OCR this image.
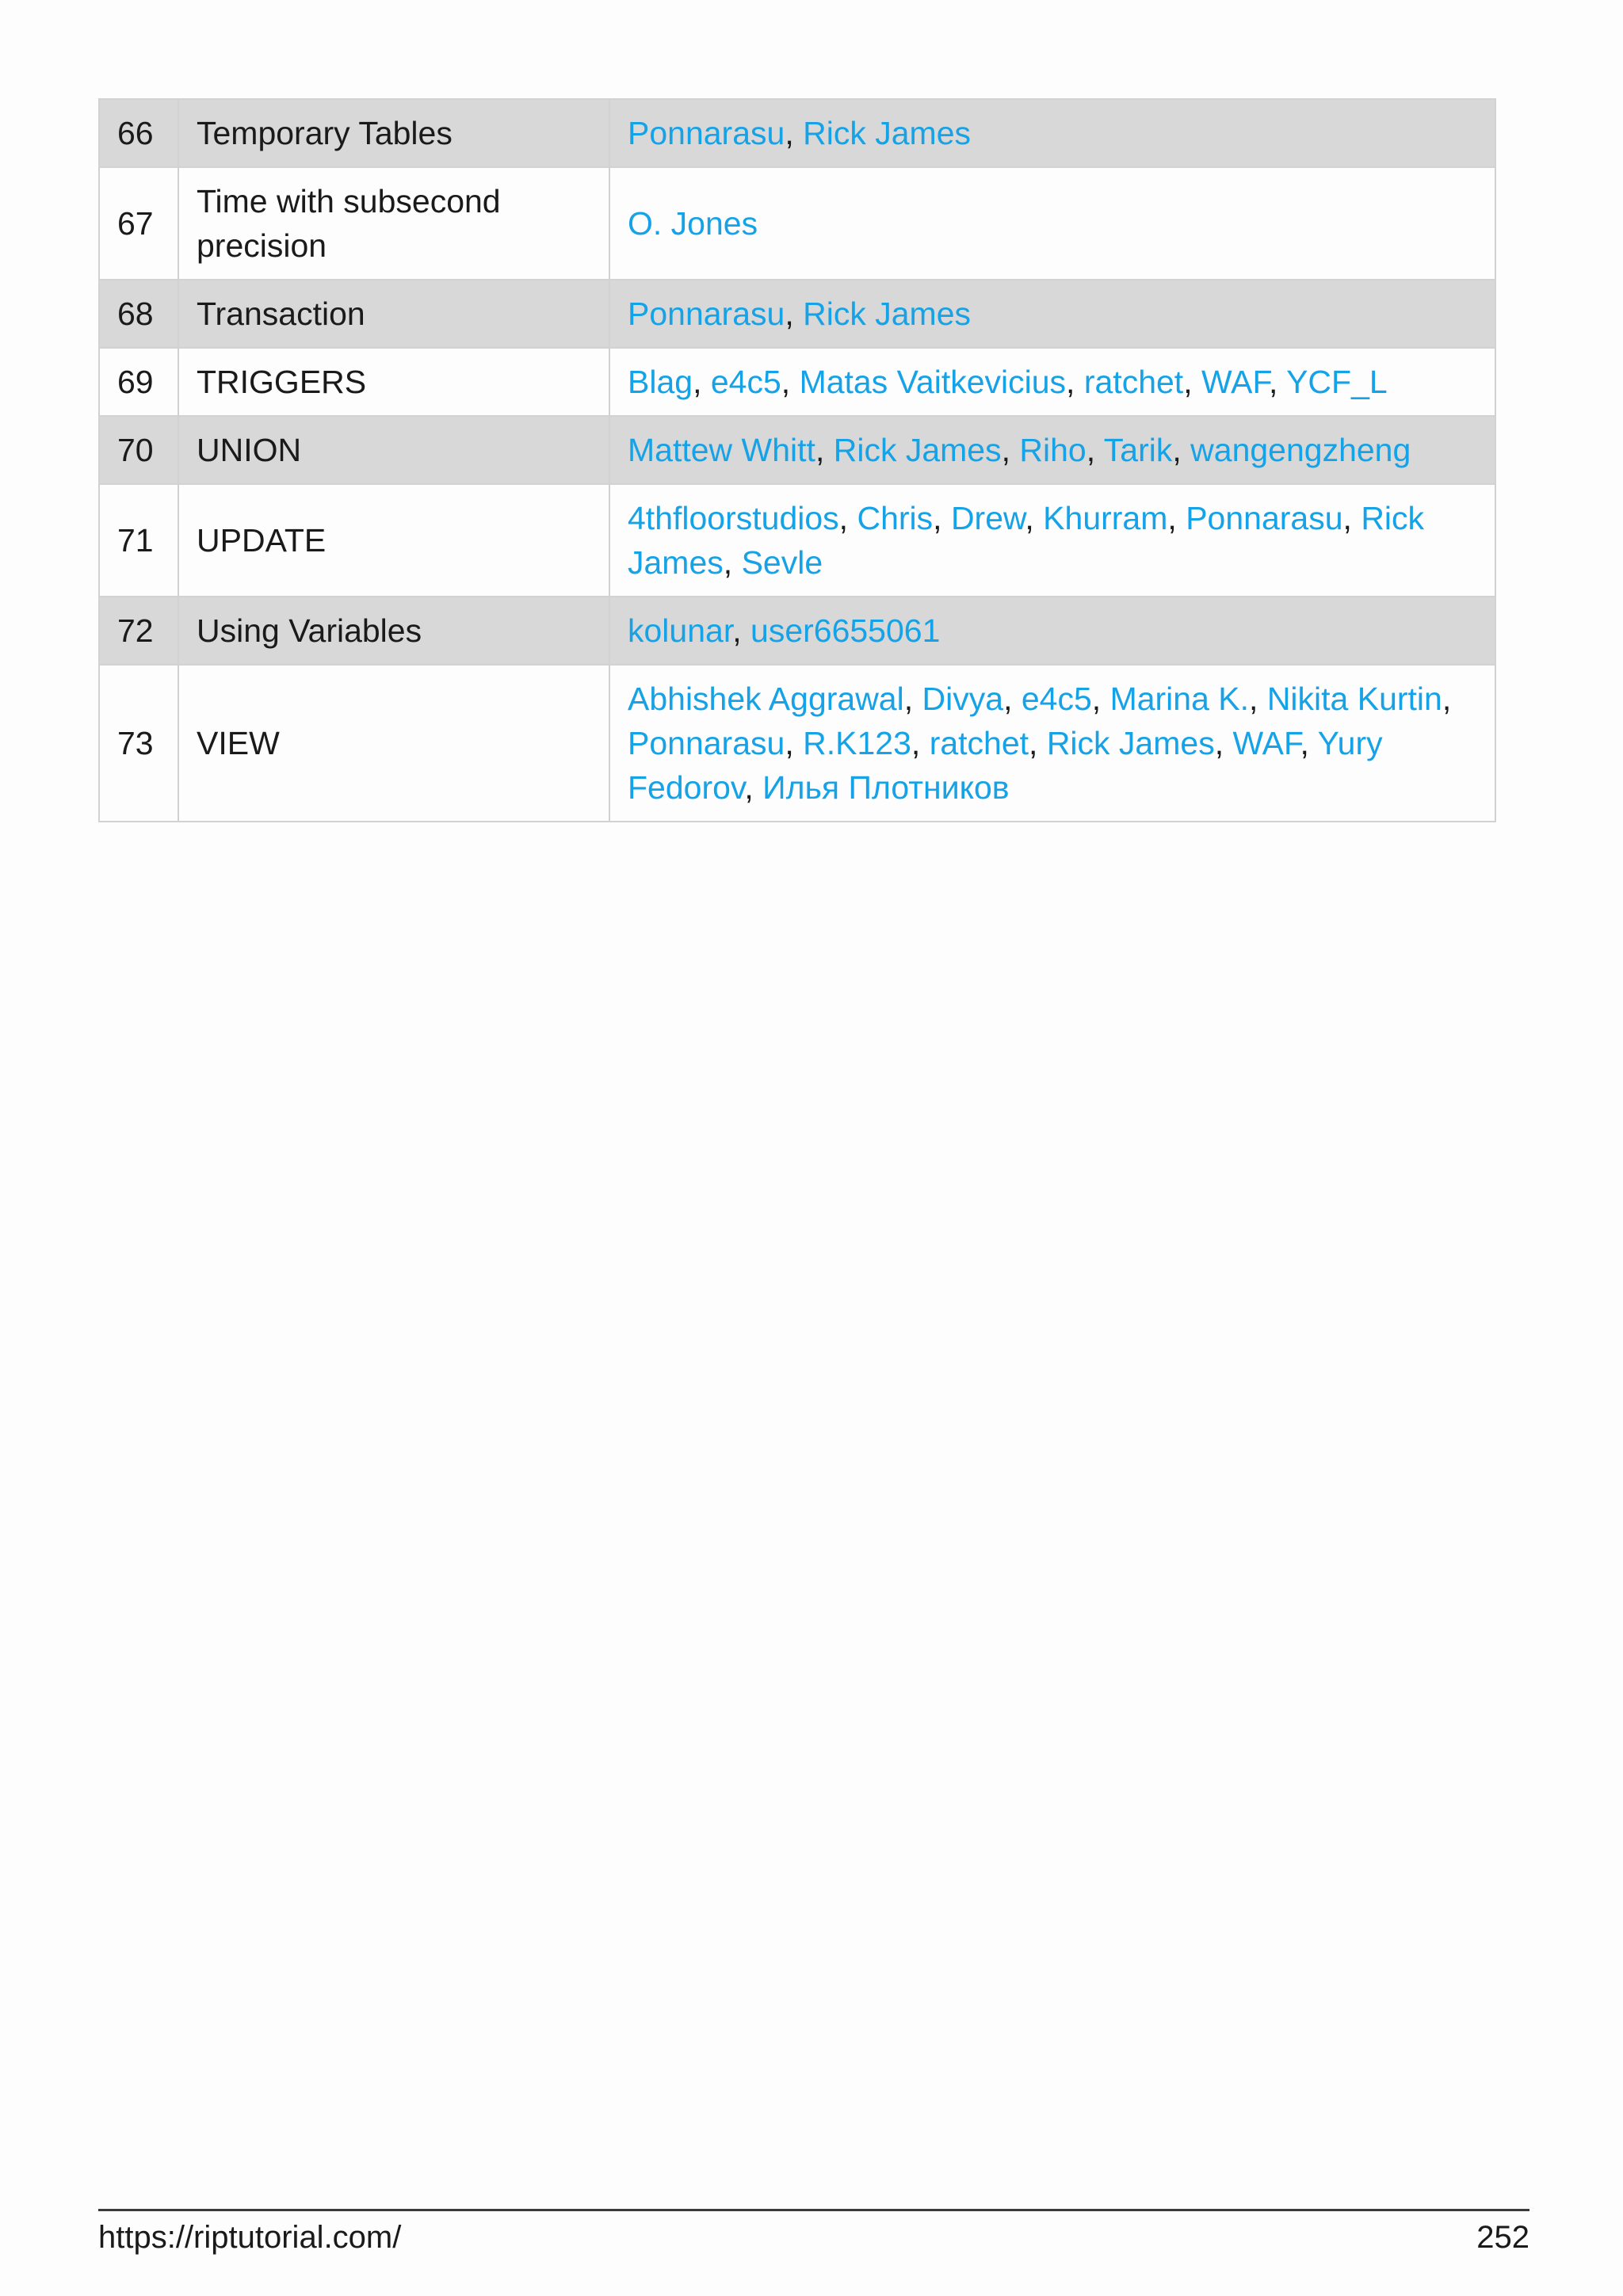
66	Temporary Tables	Ponnarasu, Rick James
67	Time with subsecond precision	O. Jones
68	Transaction	Ponnarasu, Rick James
69	TRIGGERS	Blag, e4c5, Matas Vaitkevicius, ratchet, WAF, YCF_L
70	UNION	Mattew Whitt, Rick James, Riho, Tarik, wangengzheng
71	UPDATE	4thfloorstudios, Chris, Drew, Khurram, Ponnarasu, Rick James, Sevle
72	Using Variables	kolunar, user6655061
73	VIEW	Abhishek Aggrawal, Divya, e4c5, Marina K., Nikita Kurtin, Ponnarasu, R.K123, ratchet, Rick James, WAF, Yury Fedorov, Илья Плотников
https://riptutorial.com/	252
